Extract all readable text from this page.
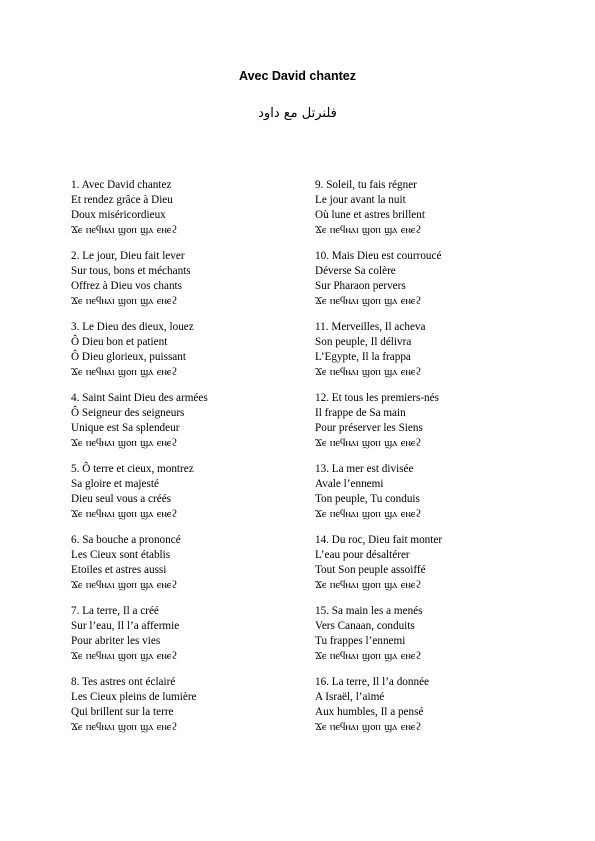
Avec David chantez
فلنرتل مع داود
1. Avec David chantez
Et rendez grâce à Dieu
Doux miséricordieux
Ϫⲉ ⲡⲉϥⲛⲁⲓ ϣⲟⲡ ϣⲁ ⲉⲛⲉϩ
2. Le jour, Dieu fait lever
Sur tous, bons et méchants
Offrez à Dieu vos chants
Ϫⲉ ⲡⲉϥⲛⲁⲓ ϣⲟⲡ ϣⲁ ⲉⲛⲉϩ
3. Le Dieu des dieux, louez
Ô Dieu bon et patient
Ô Dieu glorieux, puissant
Ϫⲉ ⲡⲉϥⲛⲁⲓ ϣⲟⲡ ϣⲁ ⲉⲛⲉϩ
4. Saint Saint Dieu des armées
Ô Seigneur des seigneurs
Unique est Sa splendeur
Ϫⲉ ⲡⲉϥⲛⲁⲓ ϣⲟⲡ ϣⲁ ⲉⲛⲉϩ
5. Ô terre et cieux, montrez
Sa gloire et majesté
Dieu seul vous a créés
Ϫⲉ ⲡⲉϥⲛⲁⲓ ϣⲟⲡ ϣⲁ ⲉⲛⲉϩ
6. Sa bouche a prononcé
Les Cieux sont établis
Etoiles et astres aussi
Ϫⲉ ⲡⲉϥⲛⲁⲓ ϣⲟⲡ ϣⲁ ⲉⲛⲉϩ
7. La terre, Il a créé
Sur l’eau, Il l’a affermie
Pour abriter les vies
Ϫⲉ ⲡⲉϥⲛⲁⲓ ϣⲟⲡ ϣⲁ ⲉⲛⲉϩ
8. Tes astres ont éclairé
Les Cieux pleins de lumière
Qui brillent sur la terre
Ϫⲉ ⲡⲉϥⲛⲁⲓ ϣⲟⲡ ϣⲁ ⲉⲛⲉϩ
9. Soleil, tu fais régner
Le jour avant la nuit
Où lune et astres brillent
Ϫⲉ ⲡⲉϥⲛⲁⲓ ϣⲟⲡ ϣⲁ ⲉⲛⲉϩ
10. Mais Dieu est courroucé
Déverse Sa colère
Sur Pharaon pervers
Ϫⲉ ⲡⲉϥⲛⲁⲓ ϣⲟⲡ ϣⲁ ⲉⲛⲉϩ
11. Merveilles, Il acheva
Son peuple, Il délivra
L’Egypte, Il la frappa
Ϫⲉ ⲡⲉϥⲛⲁⲓ ϣⲟⲡ ϣⲁ ⲉⲛⲉϩ
12. Et tous les premiers-nés
Il frappe de Sa main
Pour préserver les Siens
Ϫⲉ ⲡⲉϥⲛⲁⲓ ϣⲟⲡ ϣⲁ ⲉⲛⲉϩ
13. La mer est divisée
Avale l’ennemi
Ton peuple, Tu conduis
Ϫⲉ ⲡⲉϥⲛⲁⲓ ϣⲟⲡ ϣⲁ ⲉⲛⲉϩ
14. Du roc, Dieu fait monter
L’eau pour désaltérer
Tout Son peuple assoiffé
Ϫⲉ ⲡⲉϥⲛⲁⲓ ϣⲟⲡ ϣⲁ ⲉⲛⲉϩ
15. Sa main les a menés
Vers Canaan, conduits
Tu frappes l’ennemi
Ϫⲉ ⲡⲉϥⲛⲁⲓ ϣⲟⲡ ϣⲁ ⲉⲛⲉϩ
16. La terre, Il l’a donnée
A Israël, l’aimé
Aux humbles, Il a pensé
Ϫⲉ ⲡⲉϥⲛⲁⲓ ϣⲟⲡ ϣⲁ ⲉⲛⲉϩ
